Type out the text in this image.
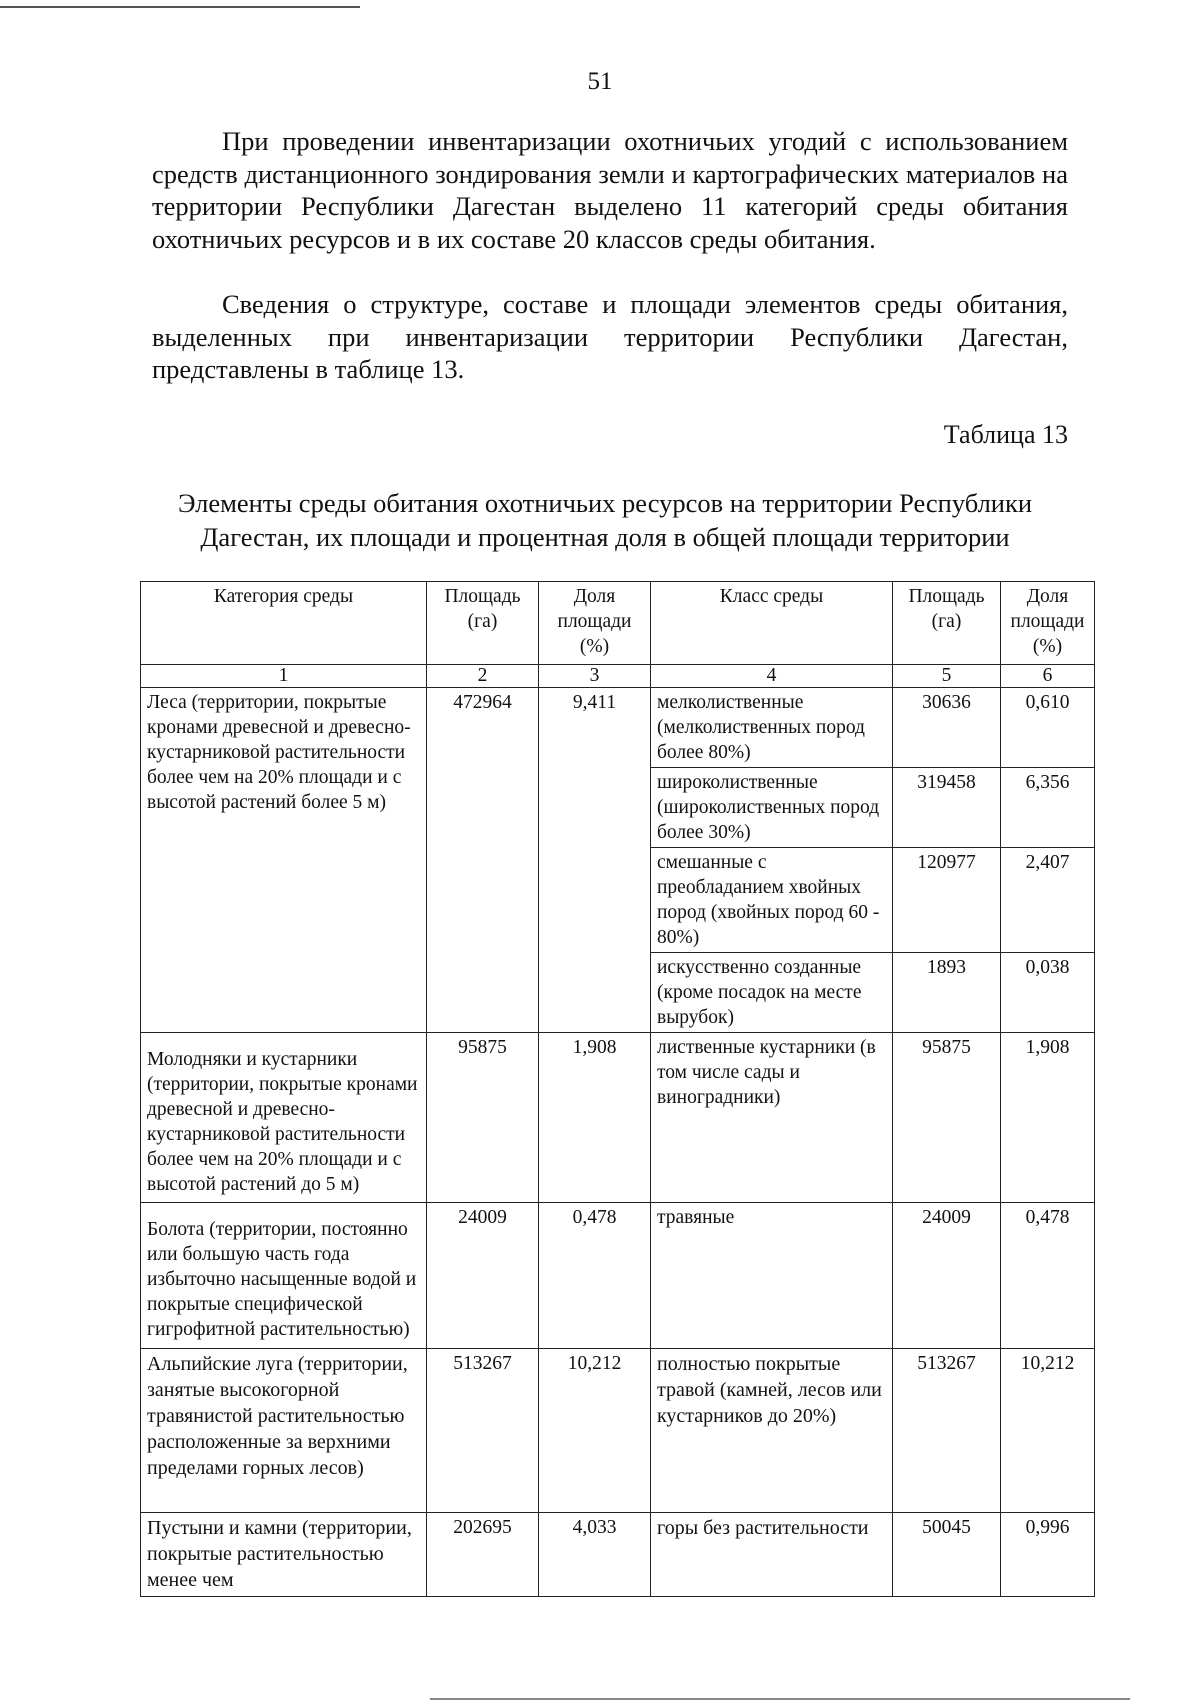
51

При проведении инвентаризации охотничьих угодий с использованием средств дистанционного зондирования земли и картографических материалов на территории Республики Дагестан выделено 11 категорий среды обитания охотничьих ресурсов и в их составе 20 классов среды обитания.

Сведения о структуре, составе и площади элементов среды обитания, выделенных при инвентаризации территории Республики Дагестан, представлены в таблице 13.

Таблица 13
Элементы среды обитания охотничьих ресурсов на территории Республики Дагестан, их площади и процентная доля в общей площади территории
Категория среды	Площадь (га)	Доля площади (%)	Класс среды	Площадь (га)	Доля площади (%)
1	2	3	4	5	6
Леса (территории, покрытые кронами древесной и древесно-кустарниковой растительности более чем на 20% площади и с высотой растений более 5 м)	472964	9,411	мелколиственные (мелколиственных пород более 80%)	30636	0,610
			широколиственные (широколиственных пород более 30%)	319458	6,356
			смешанные с преобладанием хвойных пород (хвойных пород 60 - 80%)	120977	2,407
			искусственно созданные (кроме посадок на месте вырубок)	1893	0,038

Молодняки и кустарники (территории, покрытые кронами древесной и древесно-кустарниковой растительности более чем на 20% площади и с высотой растений до 5 м)	95875	1,908	лиственные кустарники (в том числе сады и виноградники)	95875	1,908

Болота (территории, постоянно или большую часть года избыточно насыщенные водой и покрытые специфической гигрофитной растительностью)	24009	0,478	травяные	24009	0,478
Альпийские луга (территории, занятые высокогорной травянистой растительностью расположенные за верхними пределами горных лесов)	513267	10,212	полностью покрытые травой (камней, лесов или кустарников до 20%)	513267	10,212
Пустыни и камни (территории, покрытые растительностью менее чем	202695	4,033	горы без растительности	50045	0,996
